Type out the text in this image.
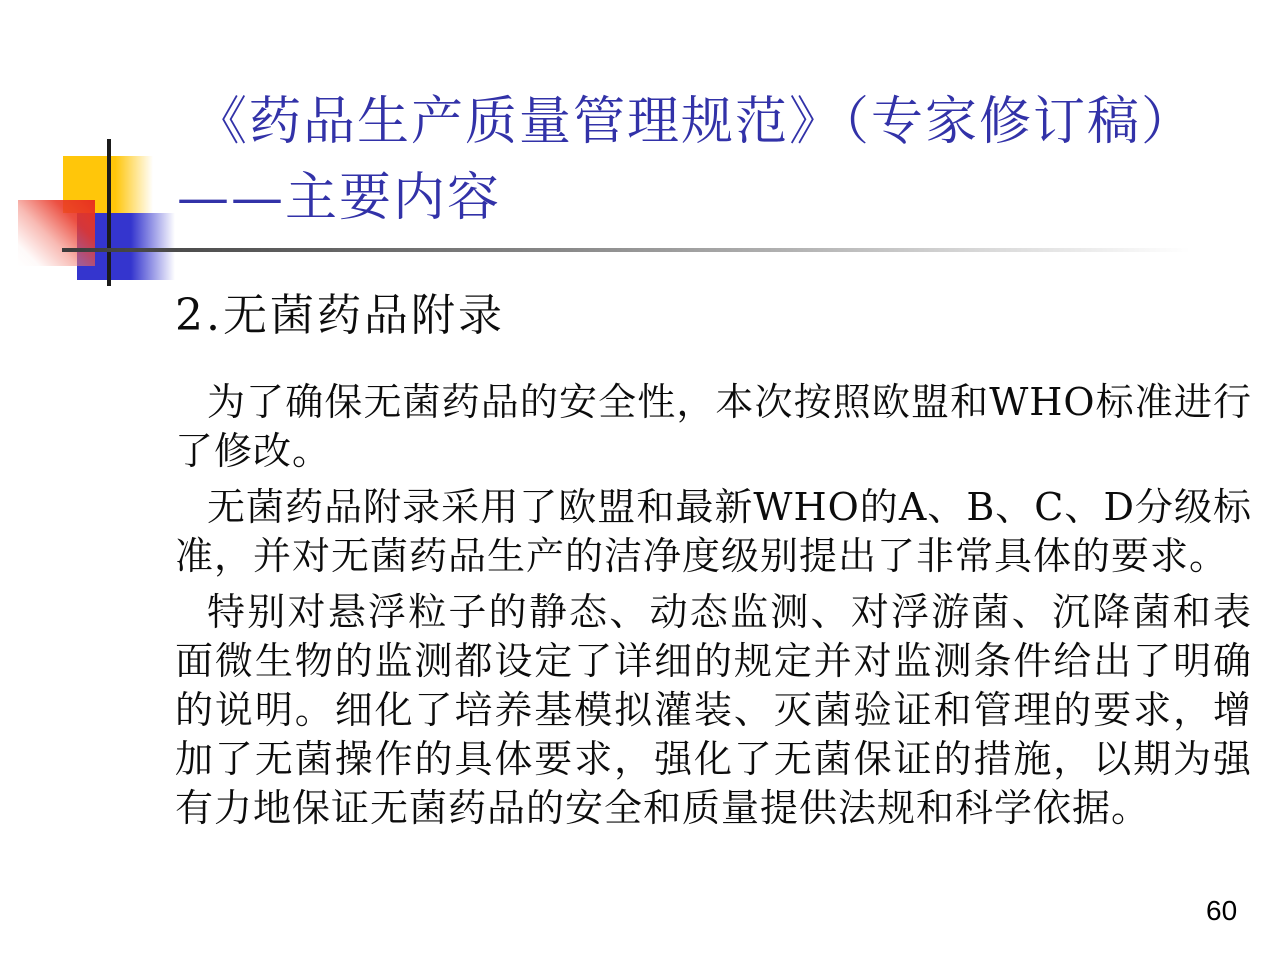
《药品生产质量管理规范》（专家修订稿）
——主要内容
2.无菌药品附录

为了确保无菌药品的安全性，本次按照欧盟和WHO标准进行了修改。

无菌药品附录采用了欧盟和最新WHO的A、B、C、D分级标准，并对无菌药品生产的洁净度级别提出了非常具体的要求。

特别对悬浮粒子的静态、动态监测、对浮游菌、沉降菌和表面微生物的监测都设定了详细的规定并对监测条件给出了明确的说明。细化了培养基模拟灌装、灭菌验证和管理的要求，增加了无菌操作的具体要求，强化了无菌保证的措施，以期为强有力地保证无菌药品的安全和质量提供法规和科学依据。

60
